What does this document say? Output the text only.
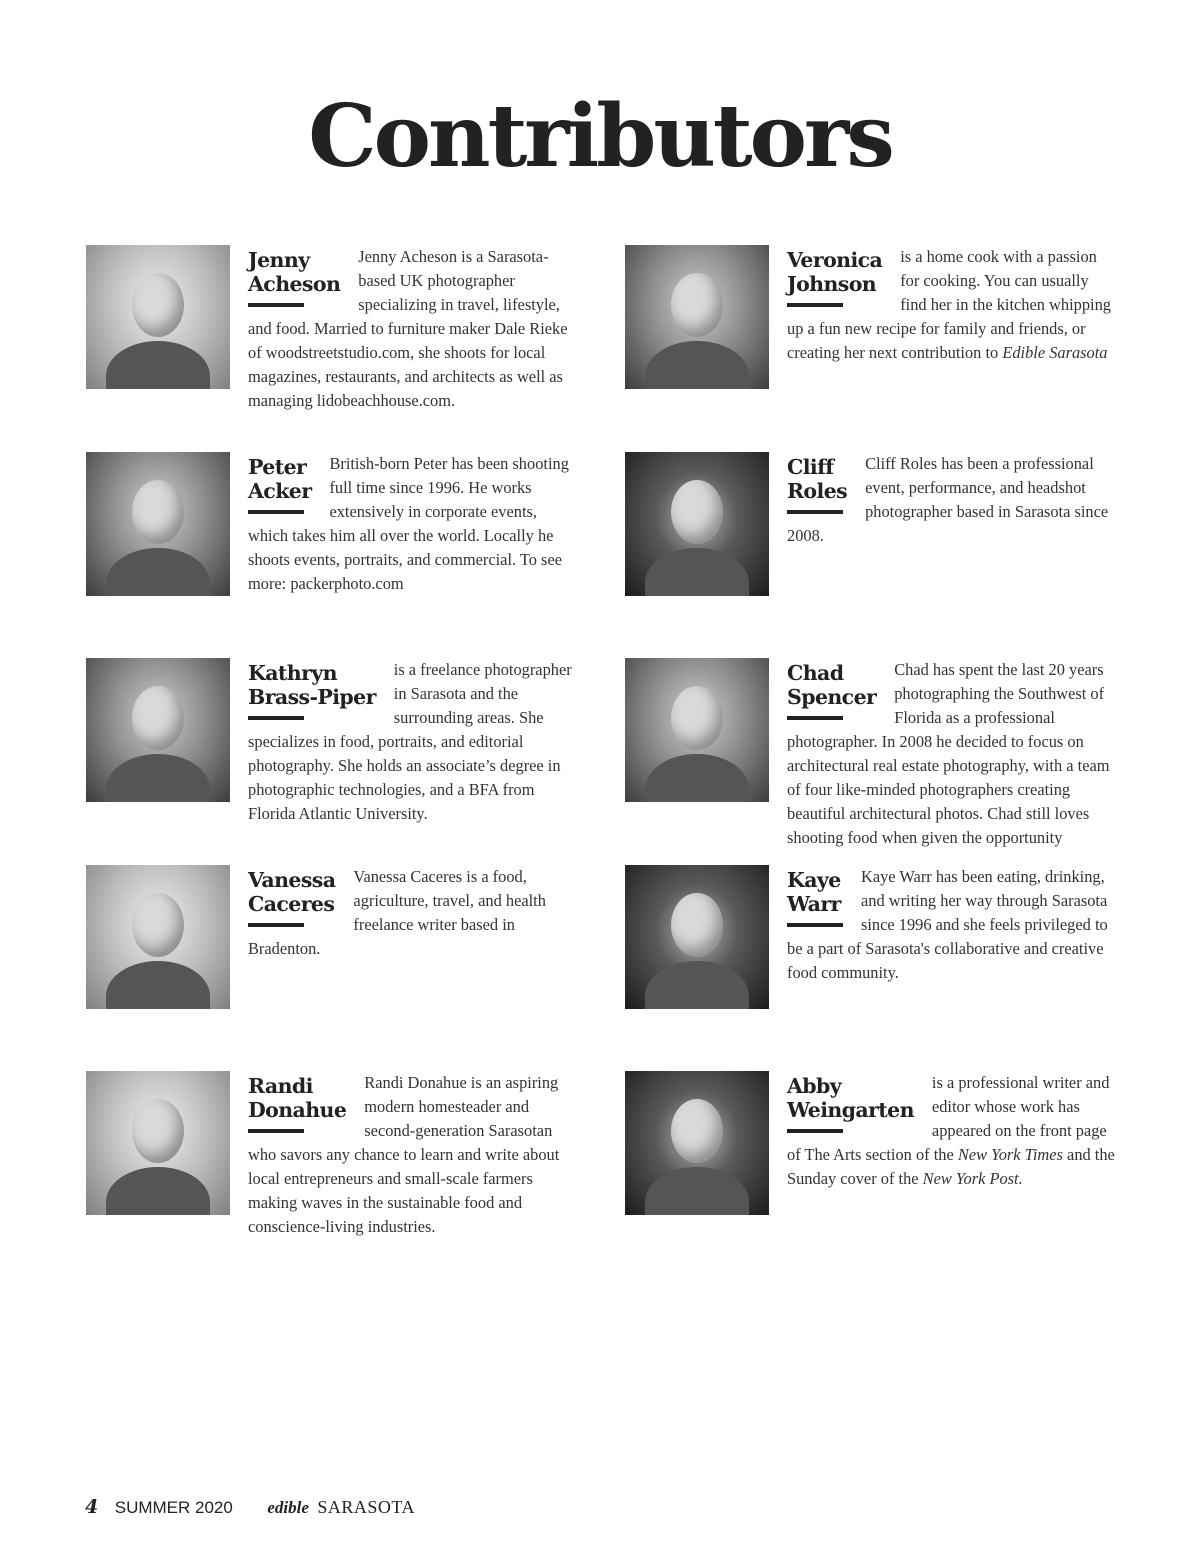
Contributors
Jenny
Acheson
Jenny Acheson is a Sarasota-based UK photographer specializing in travel, lifestyle, and food. Married to furniture maker Dale Rieke of woodstreetstudio.com, she shoots for local magazines, restaurants, and architects as well as managing lidobeachhouse.com.
Peter
Acker
British-born Peter has been shooting full time since 1996. He works extensively in corporate events, which takes him all over the world. Locally he shoots events, portraits, and commercial. To see more: packerphoto.com
Kathryn
Brass-Piper
is a freelance photographer in Sarasota and the surrounding areas. She specializes in food, portraits, and editorial photography. She holds an associate’s degree in photographic technologies, and a BFA from Florida Atlantic University.
Vanessa
Caceres
Vanessa Caceres is a food, agriculture, travel, and health freelance writer based in Bradenton.
Randi
Donahue
Randi Donahue is an aspiring modern homesteader and second-generation Sarasotan who savors any chance to learn and write about local entrepreneurs and small-scale farmers making waves in the sustainable food and conscience-living industries.
Veronica
Johnson
is a home cook with a passion for cooking. You can usually find her in the kitchen whipping up a fun new recipe for family and friends, or creating her next contribution to Edible Sarasota
Cliff
Roles
Cliff Roles has been a professional event, performance, and headshot photographer based in Sarasota since 2008.
Chad
Spencer
Chad has spent the last 20 years photographing the Southwest of Florida as a professional photographer. In 2008 he decided to focus on architectural real estate photography, with a team of four like-minded photographers creating beautiful architectural photos. Chad still loves shooting food when given the opportunity
Kaye
Warr
Kaye Warr has been eating, drinking, and writing her way through Sarasota since 1996 and she feels privileged to be a part of Sarasota's collaborative and creative food community.
Abby
Weingarten
is a professional writer and editor whose work has appeared on the front page of The Arts section of the New York Times and the Sunday cover of the New York Post.
4 SUMMER 2020 edible SARASOTA
